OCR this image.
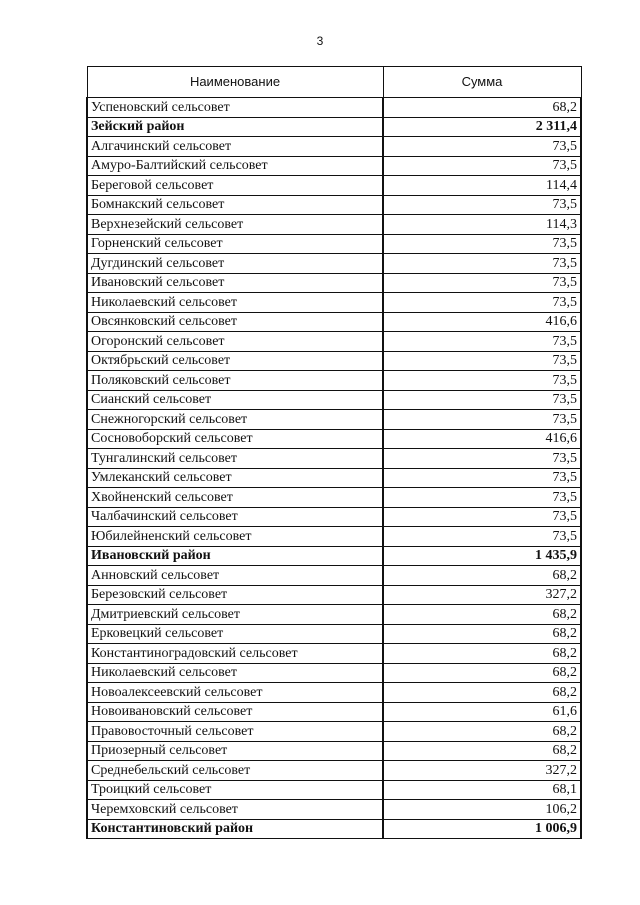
3
Наименование	Сумма
Успеновский сельсовет	68,2
Зейский район	2 311,4
Алгачинский сельсовет	73,5
Амуро-Балтийский сельсовет	73,5
Береговой сельсовет	114,4
Бомнакский сельсовет	73,5
Верхнезейский сельсовет	114,3
Горненский сельсовет	73,5
Дугдинский сельсовет	73,5
Ивановский сельсовет	73,5
Николаевский сельсовет	73,5
Овсянковский сельсовет	416,6
Огоронский сельсовет	73,5
Октябрьский сельсовет	73,5
Поляковский сельсовет	73,5
Сианский сельсовет	73,5
Снежногорский сельсовет	73,5
Сосновоборский сельсовет	416,6
Тунгалинский сельсовет	73,5
Умлеканский сельсовет	73,5
Хвойненский сельсовет	73,5
Чалбачинский сельсовет	73,5
Юбилейненский сельсовет	73,5
Ивановский район	1 435,9
Анновский сельсовет	68,2
Березовский сельсовет	327,2
Дмитриевский сельсовет	68,2
Ерковецкий сельсовет	68,2
Константиноградовский сельсовет	68,2
Николаевский сельсовет	68,2
Новоалексеевский сельсовет	68,2
Новоивановский сельсовет	61,6
Правовосточный сельсовет	68,2
Приозерный сельсовет	68,2
Среднебельский сельсовет	327,2
Троицкий сельсовет	68,1
Черемховский сельсовет	106,2
Константиновский район	1 006,9
